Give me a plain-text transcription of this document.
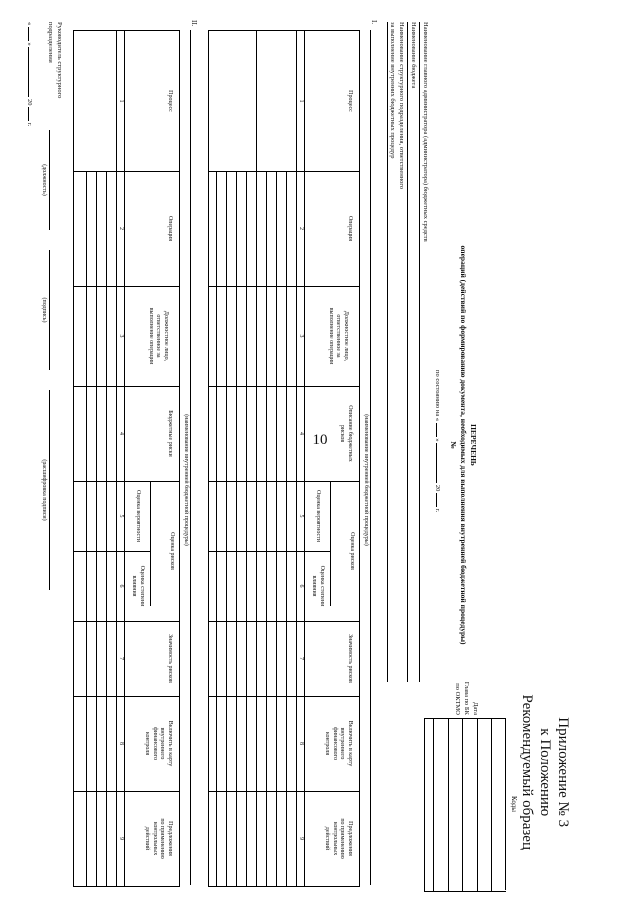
10
Приложение № 3
к Положению
Рекомендуемый образец
Коды
Дата
Глава по БК
по ОКТМО
ПЕРЕЧЕНЬ
операций (действий по формированию документа, необходимых для выполнения внутренней бюджетной процедуры)
№
по состоянию на «  »  20  г.
Наименование главного администратора (администратора) бюджетных средств
Наименование бюджета
Наименование структурного подразделения, ответственного
за выполнение внутренних бюджетных процедур
I.
(наименование внутренней бюджетной процедуры)
Процесс
Операция
Должностное лицо,
ответственное за
выполнение операции
Описание бюджетных
рисков
Оценка рисков
Оценка вероятности
Оценка степени
влияния
Значимость рисков
Включить в карту
внутреннего
финансового
контроля
Предложения
по применению
контрольных
действий
1
2
3
4
5
6
7
8
9
II.
(наименование внутренней бюджетной процедуры)
Процесс
Операция
Должностное лицо,
ответственное за
выполнение операции
Бюджетные риски
Оценка рисков
Оценка вероятности
Оценка степени
влияния
Значимость рисков
Включить в карту
внутреннего
финансового
контроля
Предложения
по применению
контрольных
действий
1
2
3
4
5
6
7
8
9
Руководитель структурного
подразделения
(должность)
(подпись)
(расшифровка подписи)
«  »  20  г.
